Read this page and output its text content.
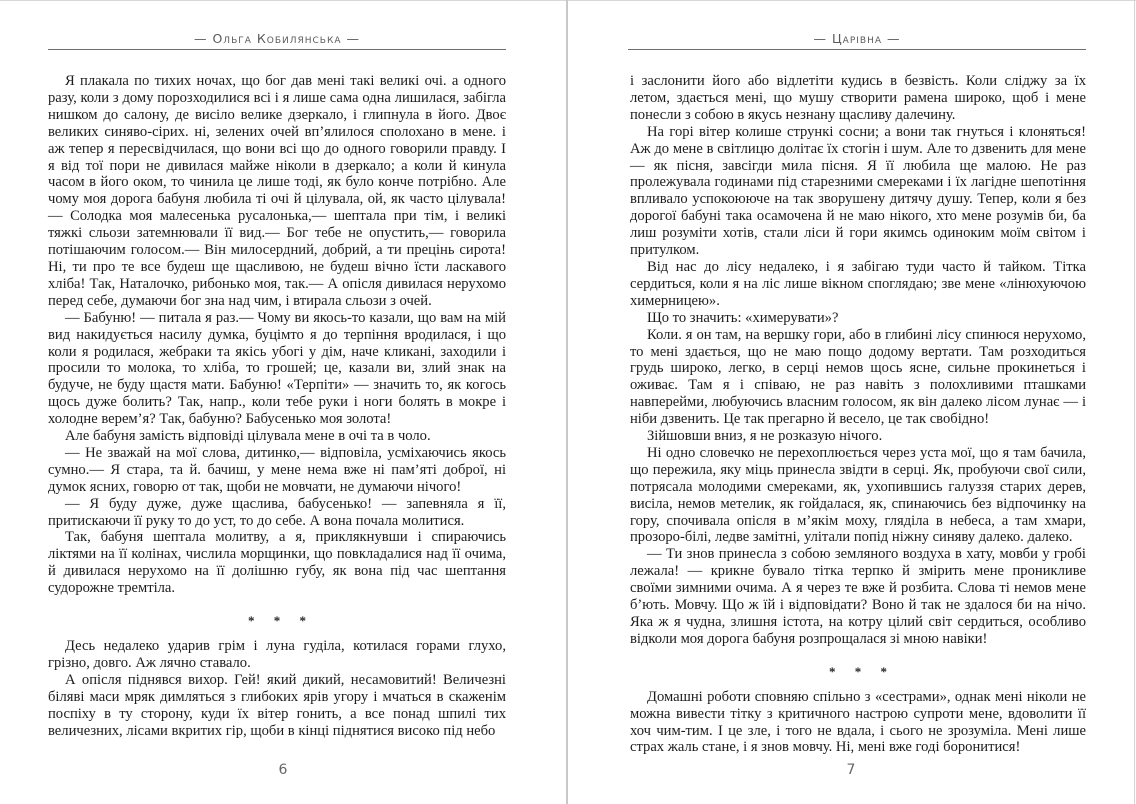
— Ольга Кобилянська —

Я плакала по тихих ночах, що бог дав мені такі великі очі. а одного разу, коли з дому порозходилися всі і я лише сама одна лишилася, забігла нишком до салону, де висіло велике дзеркало, і глипнула в його. Двоє великих синяво-сірих. ні, зелених очей вп’ялилося сполохано в мене. і аж тепер я пересвідчилася, що вони всі що до одного говорили правду. І я від тої пори не дивилася майже ніколи в дзеркало; а коли й кинула часом в його оком, то чинила це лише тоді, як було конче потрібно. Але чому моя дорога бабуня любила ті очі й цілувала, ой, як часто цілувала! — Солодка моя малесенька русалонька,— шептала при тім, і великі тяжкі сльози затемнювали її вид.— Бог тебе не опустить,— говорила потішаючим голосом.— Він милосердний, добрий, а ти прецінь сирота! Ні, ти про те все будеш ще щасливою, не будеш вічно їсти ласкавого хліба! Так, Наталочко, рибонько моя, так.— А опісля дивилася нерухомо перед себе, думаючи бог зна над чим, і втирала сльози з очей.

— Бабуню! — питала я раз.— Чому ви якось-то казали, що вам на мій вид накидується насилу думка, буцімто я до терпіння вродилася, і що коли я родилася, жебраки та якісь убогі у дім, наче кликані, заходили і просили то молока, то хліба, то грошей; це, казали ви, злий знак на будуче, не буду щастя мати. Бабуню! «Терпіти» — значить то, як когось щось дуже болить? Так, напр., коли тебе руки і ноги болять в мокре і холодне верем’я? Так, бабуню? Бабусенько моя золота!

Але бабуня замість відповіді цілувала мене в очі та в чоло.

— Не зважай на мої слова, дитинко,— відповіла, усміхаючись якось сумно.— Я стара, та й. бачиш, у мене нема вже ні пам’яті доброї, ні думок ясних, говорю от так, щоби не мовчати, не думаючи нічого!

— Я буду дуже, дуже щаслива, бабусенько! — запевняла я її, притискаючи її руку то до уст, то до себе. А вона почала молитися.

Так, бабуня шептала молитву, а я, приклякнувши і спираючись ліктями на її колінах, числила морщинки, що повкладалися над її очима, й дивилася нерухомо на її долішню губу, як вона під час шептання судорожне тремтіла.

* * *

Десь недалеко ударив грім і луна гуділа, котилася горами глухо, грізно, довго. Аж лячно ставало.

А опісля піднявся вихор. Гей! який дикий, несамовитий! Величезні біляві маси мряк димляться з глибоких ярів угору і мчаться в скаженім поспіху в ту сторону, куди їх вітер гонить, а все понад шпилі тих величезних, лісами вкритих гір, щоби в кінці піднятися високо під небо

6
— Царівна —

і заслонити його або відлетіти кудись в безвість. Коли сліджу за їх летом, здається мені, що мушу створити рамена широко, щоб і мене понесли з собою в якусь незнану щасливу далечину.

На горі вітер колише стрункі сосни; а вони так гнуться і клоняться! Аж до мене в світлицю долітає їх стогін і шум. Але то дзвенить для мене — як пісня, завсігди мила пісня. Я її любила ще малою. Не раз пролежувала годинами під старезними смереками і їх лагідне шепотіння впливало успокоююче на так зворушену дитячу душу. Тепер, коли я без дорогої бабуні така осамочена й не маю нікого, хто мене розумів би, ба лиш розуміти хотів, стали ліси й гори якимсь одиноким моїм світом і притулком.

Від нас до лісу недалеко, і я забігаю туди часто й тайком. Тітка сердиться, коли я на ліс лише вікном споглядаю; зве мене «лінюхуючою химерницею».

Що то значить: «химерувати»?

Коли. я он там, на вершку гори, або в глибині лісу спинюся нерухомо, то мені здається, що не маю пощо додому вертати. Там розходиться грудь широко, легко, в серці немов щось ясне, сильне прокинеться і оживає. Там я і співаю, не раз навіть з полохливими пташками навперейми, любуючись власним голосом, як він далеко лісом лунає — і ніби дзвенить. Це так прегарно й весело, це так свобідно!

Зійшовши вниз, я не розказую нічого.

Ні одно словечко не перехоплюється через уста мої, що я там бачила, що пережила, яку міць принесла звідти в серці. Як, пробуючи свої сили, потрясала молодими смереками, як, ухопившись галуззя старих дерев, висіла, немов метелик, як гойдалася, як, спинаючись без відпочинку на гору, спочивала опісля в м’якім моху, гляділа в небеса, а там хмари, прозоро-білі, ледве замітні, улітали попід ніжну синяву далеко. далеко.

— Ти знов принесла з собою земляного воздуха в хату, мовби у гробі лежала! — крикне бувало тітка терпко й змірить мене проникливе своїми зимними очима. А я через те вже й розбита. Слова ті немов мене б’ють. Мовчу. Що ж їй і відповідати? Воно й так не здалося би на нічо. Яка ж я чудна, злишня істота, на котру цілий світ сердиться, особливо відколи моя дорога бабуня розпрощалася зі мною навіки!

* * *

Домашні роботи сповняю спільно з «сестрами», однак мені ніколи не можна вивести тітку з критичного настрою супроти мене, вдоволити її хоч чим-тим. І це зле, і того не вдала, і сього не зрозуміла. Мені лише страх жаль стане, і я знов мовчу. Ні, мені вже годі боронитися!

7
